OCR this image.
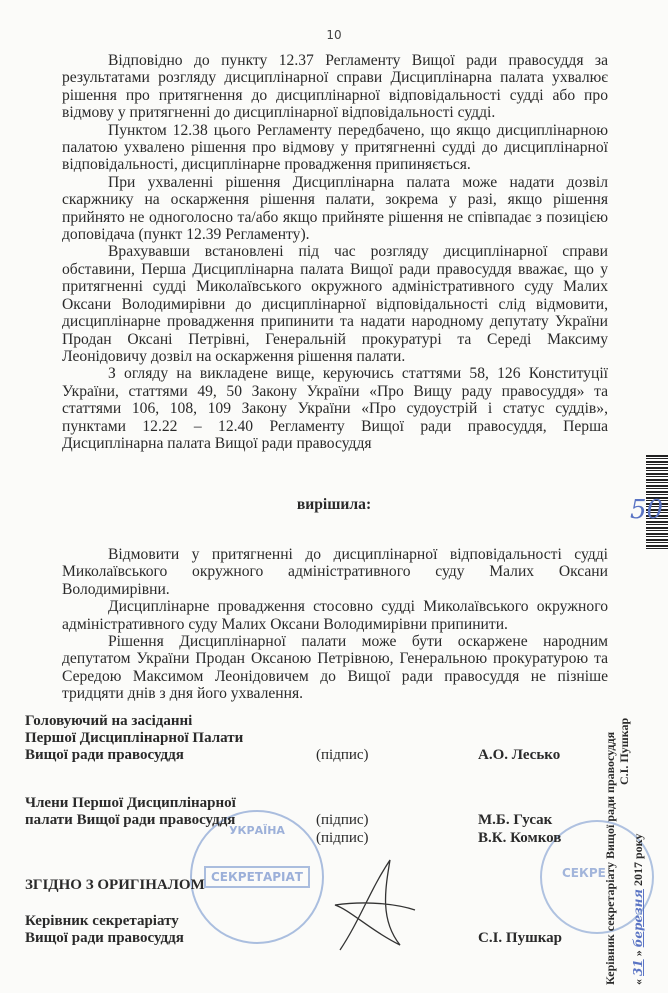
10

Відповідно до пункту 12.37 Регламенту Вищої ради правосуддя за результатами розгляду дисциплінарної справи Дисциплінарна палата ухвалює рішення про притягнення до дисциплінарної відповідальності судді або про відмову у притягненні до дисциплінарної відповідальності судді.

Пунктом 12.38 цього Регламенту передбачено, що якщо дисциплінарною палатою ухвалено рішення про відмову у притягненні судді до дисциплінарної відповідальності, дисциплінарне провадження припиняється.

При ухваленні рішення Дисциплінарна палата може надати дозвіл скаржнику на оскарження рішення палати, зокрема у разі, якщо рішення прийнято не одноголосно та/або якщо прийняте рішення не співпадає з позицією доповідача (пункт 12.39 Регламенту).

Врахувавши встановлені під час розгляду дисциплінарної справи обставини, Перша Дисциплінарна палата Вищої ради правосуддя вважає, що у притягненні судді Миколаївського окружного адміністративного суду Малих Оксани Володимирівни до дисциплінарної відповідальності слід відмовити, дисциплінарне провадження припинити та надати народному депутату України Продан Оксані Петрівні, Генеральній прокуратурі та Середі Максиму Леонідовичу дозвіл на оскарження рішення палати.

З огляду на викладене вище, керуючись статтями 58, 126 Конституції України, статтями 49, 50 Закону України «Про Вищу раду правосуддя» та статтями 106, 108, 109 Закону України «Про судоустрій і статус суддів», пунктами 12.22 – 12.40 Регламенту Вищої ради правосуддя, Перша Дисциплінарна палата Вищої ради правосуддя

вирішила:

Відмовити у притягненні до дисциплінарної відповідальності судді Миколаївського окружного адміністративного суду Малих Оксани Володимирівни.

Дисциплінарне провадження стосовно судді Миколаївського окружного адміністративного суду Малих Оксани Володимирівни припинити.

Рішення Дисциплінарної палати може бути оскаржене народним депутатом України Продан Оксаною Петрівною, Генеральною прокуратурою та Середою Максимом Леонідовичем до Вищої ради правосуддя не пізніше тридцяти днів з дня його ухвалення.

УКРАЇНА
СЕКРЕТАРІАТ	СЕКРЕ
Головуючий на засіданні
Першої Дисциплінарної Палати
Вищої ради правосуддя	(підпис)	А.О. Лесько
Члени Першої Дисциплінарної
палати Вищої ради правосуддя	(підпис)	М.Б. Гусак
(підпис)	В.К. Комков
ЗГІДНО З ОРИГІНАЛОМ
Керівник секретаріату
Вищої ради правосуддя	С.І. Пушкар
50
Керівник секретаріату Вищої ради правосуддя С.І. Пушкар
« 31 » березня 2017 року
